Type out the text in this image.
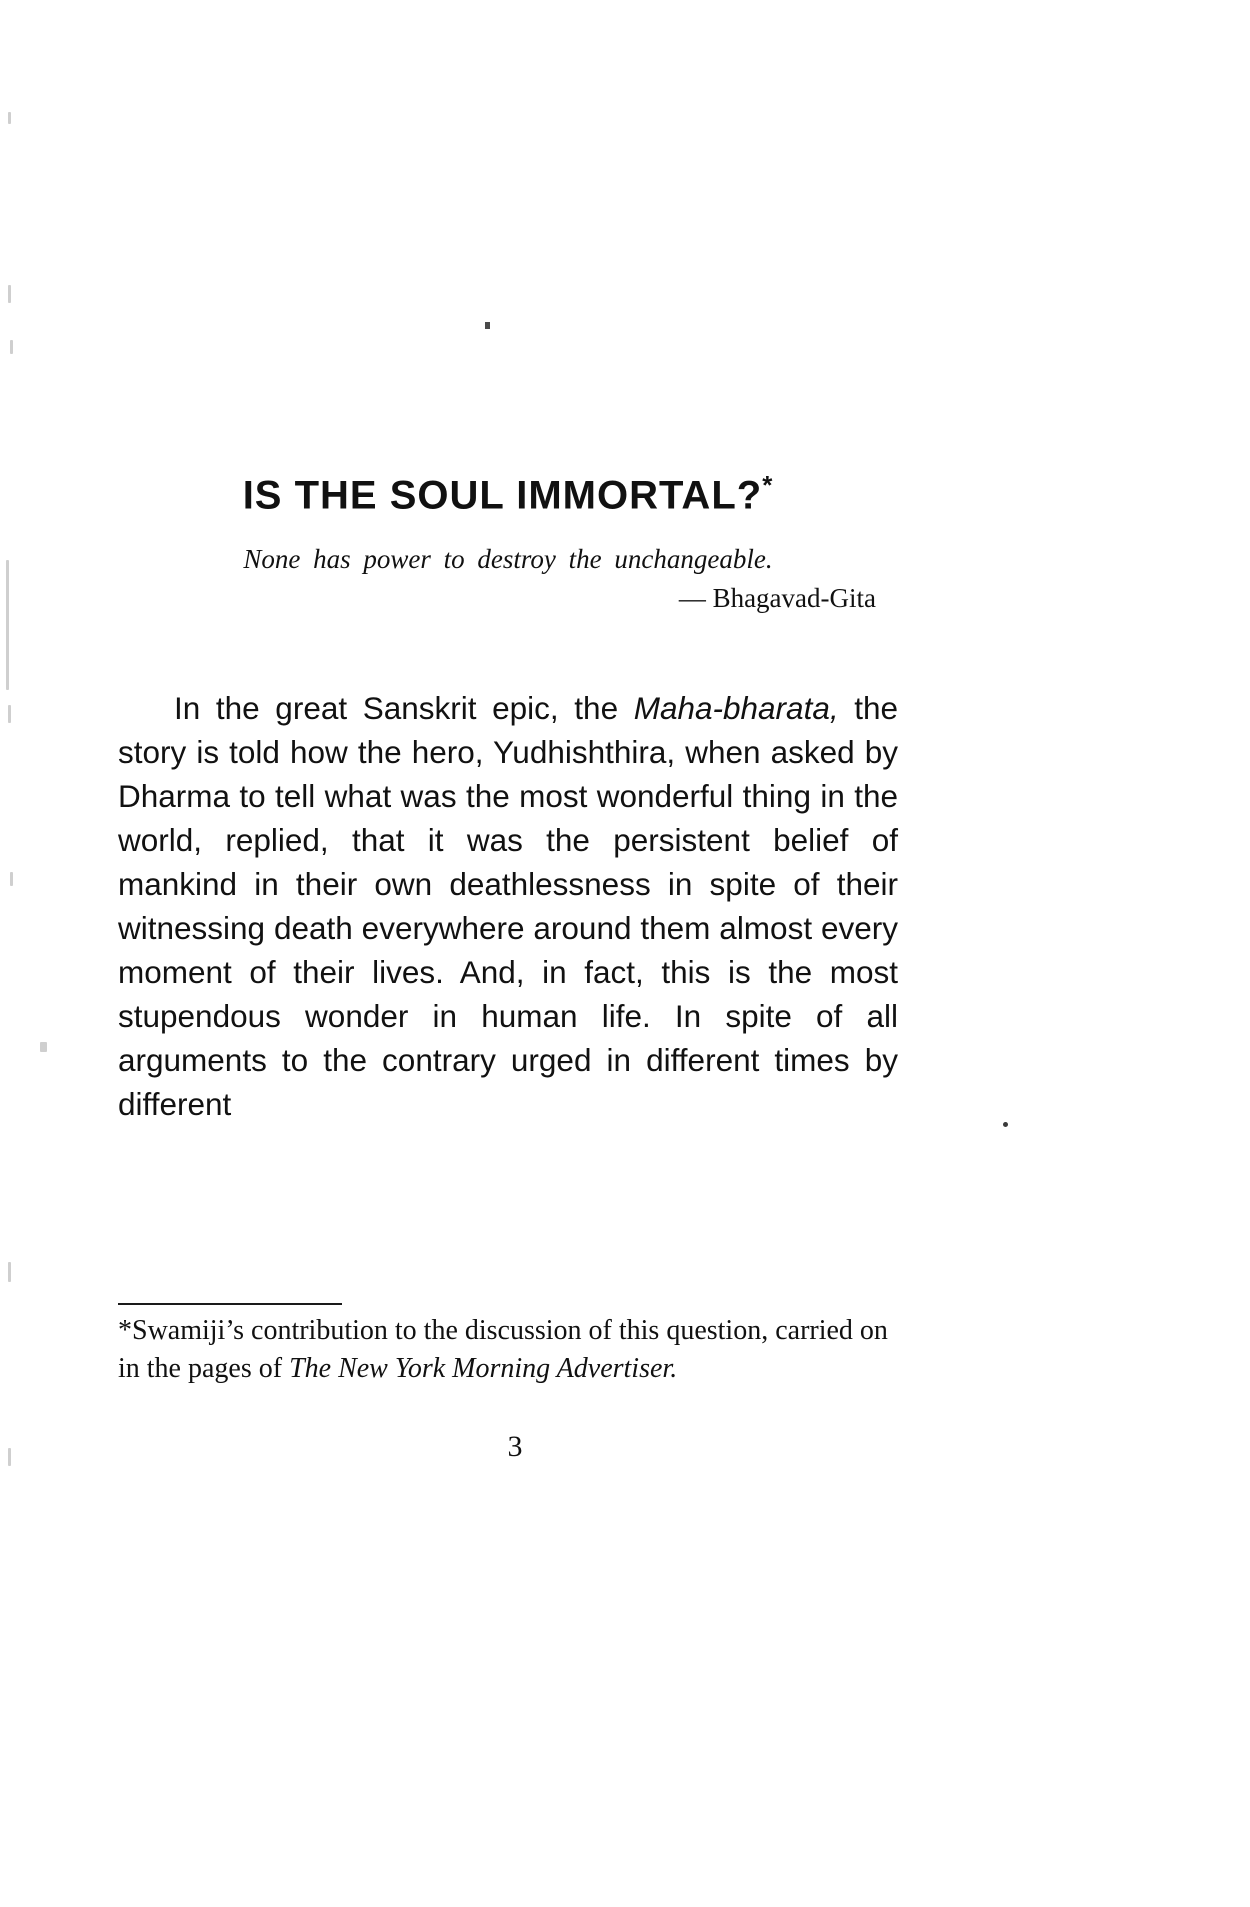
IS THE SOUL IMMORTAL?*
None has power to destroy the unchangeable.
— Bhagavad-Gita
In the great Sanskrit epic, the Maha-bharata, the story is told how the hero, Yudhishthira, when asked by Dharma to tell what was the most wonderful thing in the world, replied, that it was the persistent belief of mankind in their own deathlessness in spite of their witnessing death everywhere around them almost every moment of their lives. And, in fact, this is the most stupendous wonder in human life. In spite of all arguments to the contrary urged in different times by different
*Swamiji’s contribution to the discussion of this question, carried on in the pages of The New York Morning Advertiser.
3
